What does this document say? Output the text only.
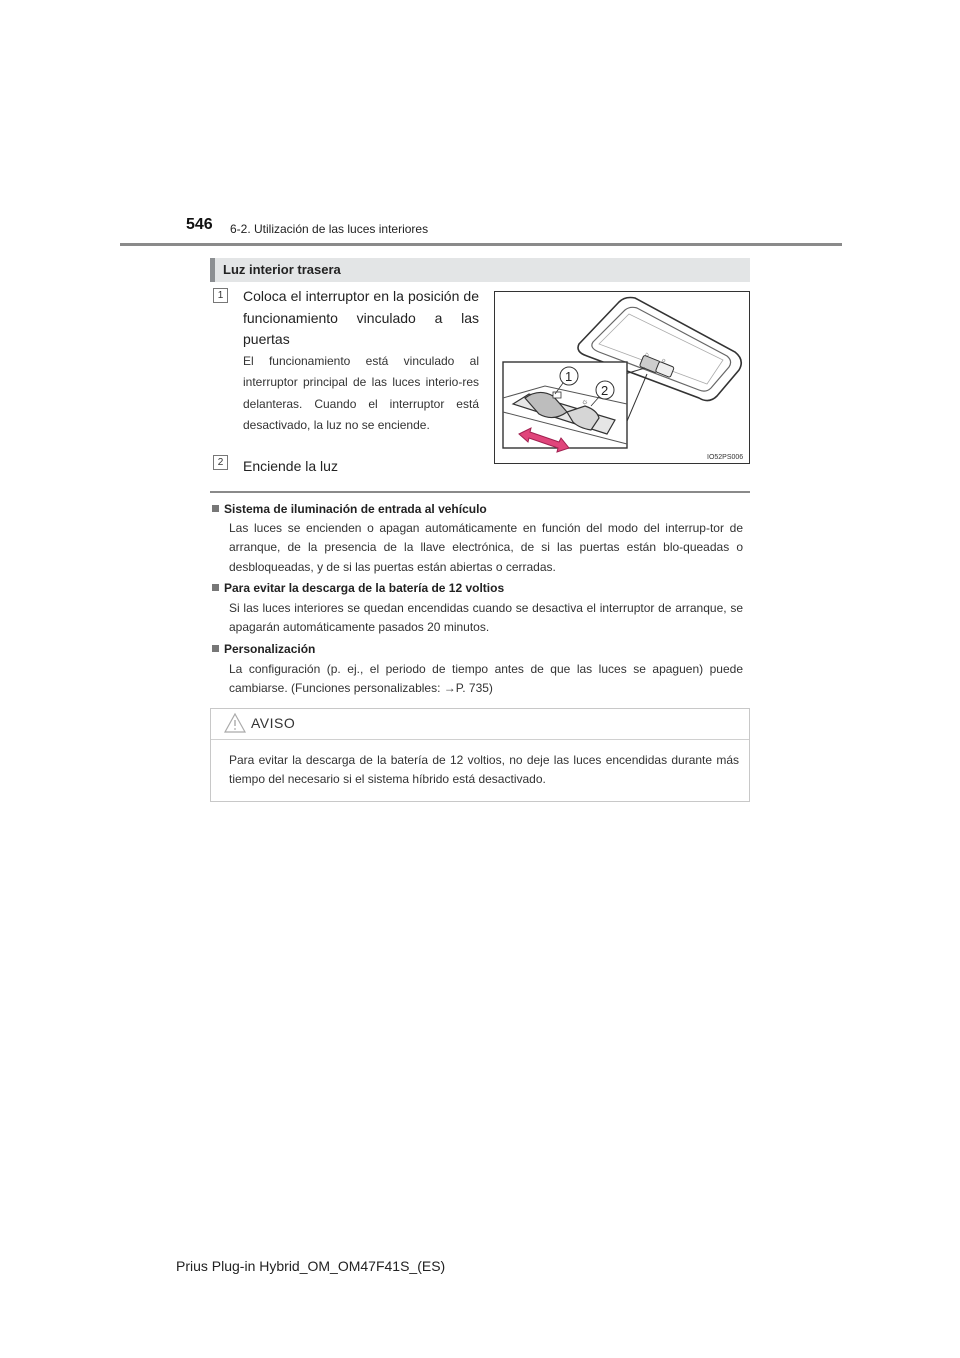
546 6-2. Utilización de las luces interiores
Luz interior trasera
1	Coloca el interruptor en la posición de funcionamiento vinculado a las puertas
El funcionamiento está vinculado al interruptor principal de las luces interio-res delanteras. Cuando el interruptor está desactivado, la luz no se enciende.
2	Enciende la luz
⌂
☼
☼
1
2
IO52PS006
Sistema de iluminación de entrada al vehículo
Las luces se encienden o apagan automáticamente en función del modo del interrup-tor de arranque, de la presencia de la llave electrónica, de si las puertas están blo-queadas o desbloqueadas, y de si las puertas están abiertas o cerradas.
Para evitar la descarga de la batería de 12 voltios
Si las luces interiores se quedan encendidas cuando se desactiva el interruptor de arranque, se apagarán automáticamente pasados 20 minutos.
Personalización
La configuración (p. ej., el periodo de tiempo antes de que las luces se apaguen) puede cambiarse. (Funciones personalizables: →P. 735)
AVISO
Para evitar la descarga de la batería de 12 voltios, no deje las luces encendidas durante más tiempo del necesario si el sistema híbrido está desactivado.
Prius Plug-in Hybrid_OM_OM47F41S_(ES)
